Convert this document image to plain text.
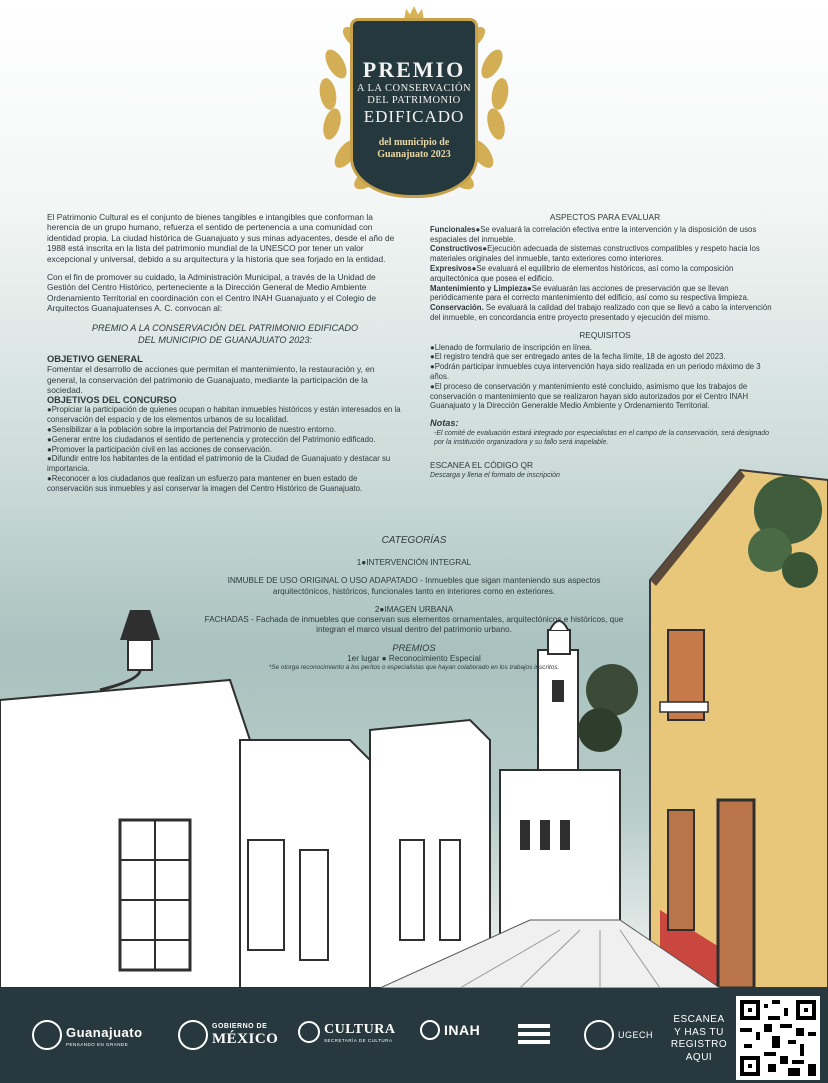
PREMIO
A LA CONSERVACIÓN
DEL PATRIMONIO
EDIFICADO
del municipio de
Guanajuato 2023

El Patrimonio Cultural es el conjunto de bienes tangibles e intangibles que conforman la herencia de un grupo humano, refuerza el sentido de pertenencia a una comunidad con identidad propia. La ciudad histórica de Guanajuato y sus minas adyacentes, desde el año de 1988 está inscrita en la lista del patrimonio mundial de la UNESCO por tener un valor excepcional y universal, debido a su arquitectura y la historia que sea forjado en la entidad.

Con el fin de promover su cuidado, la Administración Municipal, a través de la Unidad de Gestión del Centro Histórico, perteneciente a la Dirección General de Medio Ambiente Ordenamiento Territorial en coordinación con el Centro INAH Guanajuato y el Colegio de Arquitectos Guanajuatenses A. C. convocan al:

PREMIO A LA CONSERVACIÓN DEL PATRIMONIO EDIFICADO
DEL MUNICIPIO DE GUANAJUATO 2023:
OBJETIVO GENERAL
Fomentar el desarrollo de acciones que permitan el mantenimiento, la restauración y, en general, la conservación del patrimonio de Guanajuato, mediante la participación de la sociedad.
OBJETIVOS DEL CONCURSO
●Propiciar la participación de quienes ocupan o habitan inmuebles históricos y están interesados en la conservación del espacio y de los elementos urbanos de su localidad.
●Sensibilizar a la población sobre la importancia del Patrimonio de nuestro entorno.
●Generar entre los ciudadanos el sentido de pertenencia y protección del Patrimonio edificado.
●Promover la participación civil en las acciones de conservación.
●Difundir entre los habitantes de la entidad el patrimonio de la Ciudad de Guanajuato y destacar su importancia.
●Reconocer a los ciudadanos que realizan un esfuerzo para mantener en buen estado de conservación sus inmuebles y así conservar la imagen del Centro Histórico de Guanajuato.
ASPECTOS PARA EVALUAR
Funcionales●Se evaluará la correlación efectiva entre la intervención y la disposición de usos espaciales del inmueble.
Constructivos●Ejecución adecuada de sistemas constructivos compatibles y respeto hacia los materiales originales del inmueble, tanto exteriores como interiores.
Expresivos●Se evaluará el equilibrio de elementos históricos, así como la composición arquitectónica que posea el edificio.
Mantenimiento y Limpieza●Se evaluarán las acciones de preservación que se llevan periódicamente para el correcto mantenimiento del edificio, así como su respectiva limpieza.
Conservación. Se evaluará la calidad del trabajo realizado con que se llevó a cabo la intervención del inmueble, en concordancia entre proyecto presentado y ejecución del mismo.
REQUISITOS
●Llenado de formulario de inscripción en línea.
●El registro tendrá que ser entregado antes de la fecha límite, 18 de agosto del 2023.
●Podrán participar inmuebles cuya intervención haya sido realizada en un periodo máximo de 3 años.
●El proceso de conservación y mantenimiento esté concluido, asimismo que los trabajos de conservación o mantenimiento que se realizaron hayan sido autorizados por el Centro INAH Guanajuato y la Dirección Generalde Medio Ambiente y Ordenamiento Territorial.
Notas:
-El comité de evaluación estará integrado por especialistas en el campo de la conservación, será designado por la institución organizadora y su fallo será inapelable.
ESCANEA EL CÓDIGO QR
Descarga y llena el formato de inscripción
CATEGORÍAS
1●INTERVENCIÓN INTEGRAL
INMUBLE DE USO ORIGINAL O USO ADAPATADO - Inmuebles que sigan manteniendo sus aspectos arquitectónicos, históricos, funcionales tanto en interiores como en exteriores.
2●IMAGEN URBANA
FACHADAS - Fachada de inmuebles que conservan sus elementos ornamentales, arquitectónicos e históricos, que integran el marco visual dentro del patrimonio urbano.
PREMIOS
1er lugar ● Reconocimiento Especial
*Se otorga reconocimiento a los peritos o especialistas que hayan colaborado en los trabajos inscritos.
Guanajuato
PENSANDO EN GRANDE
GOBIERNO DE
MÉXICO
CULTURA
SECRETARÍA DE CULTURA
INAH	UGECH
ESCANEA
Y HAS TU
REGISTRO
AQUI
